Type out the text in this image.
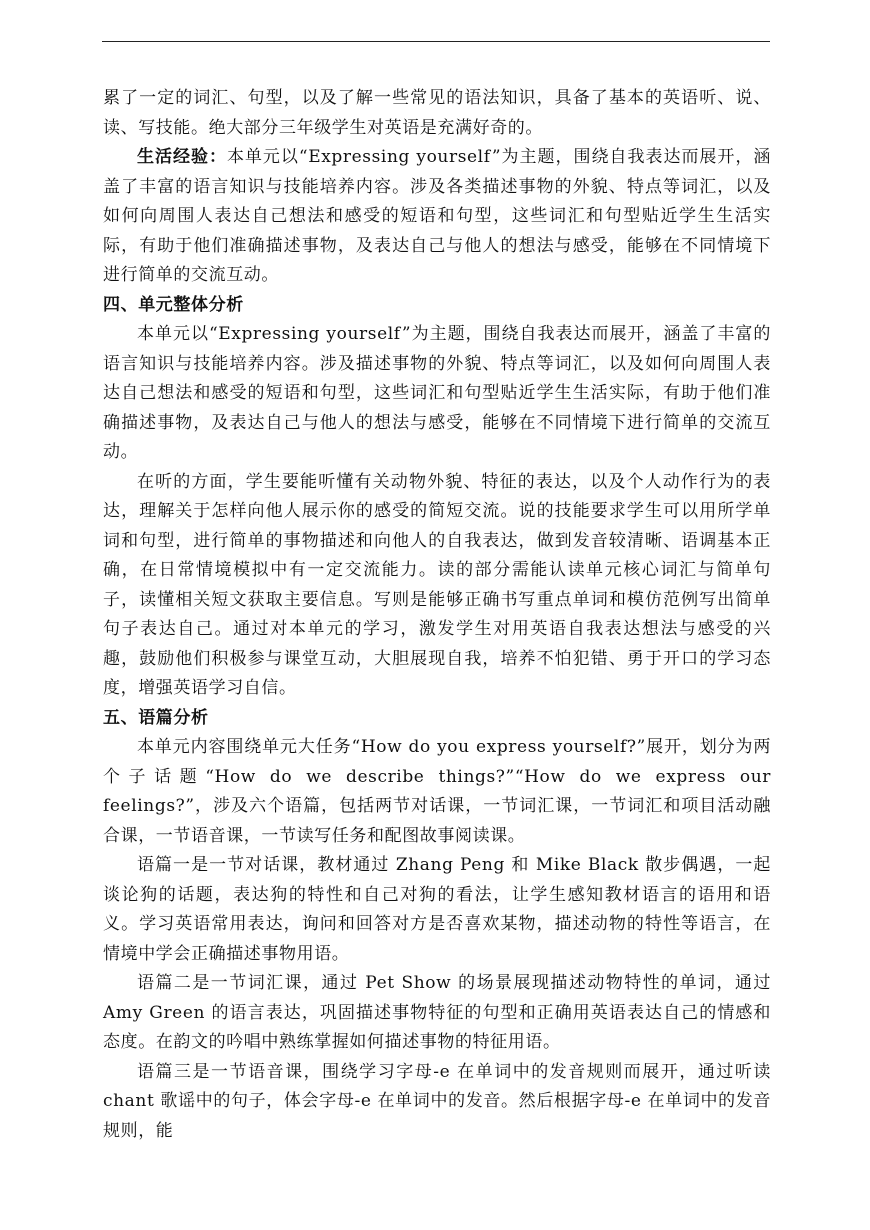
累了一定的词汇、句型，以及了解一些常见的语法知识，具备了基本的英语听、说、读、写技能。绝大部分三年级学生对英语是充满好奇的。

生活经验：本单元以“Expressing yourself”为主题，围绕自我表达而展开，涵盖了丰富的语言知识与技能培养内容。涉及各类描述事物的外貌、特点等词汇，以及如何向周围人表达自己想法和感受的短语和句型，这些词汇和句型贴近学生生活实际，有助于他们准确描述事物，及表达自己与他人的想法与感受，能够在不同情境下进行简单的交流互动。

四、单元整体分析

本单元以“Expressing yourself”为主题，围绕自我表达而展开，涵盖了丰富的语言知识与技能培养内容。涉及描述事物的外貌、特点等词汇，以及如何向周围人表达自己想法和感受的短语和句型，这些词汇和句型贴近学生生活实际，有助于他们准确描述事物，及表达自己与他人的想法与感受，能够在不同情境下进行简单的交流互动。

在听的方面，学生要能听懂有关动物外貌、特征的表达，以及个人动作行为的表达，理解关于怎样向他人展示你的感受的简短交流。说的技能要求学生可以用所学单词和句型，进行简单的事物描述和向他人的自我表达，做到发音较清晰、语调基本正确，在日常情境模拟中有一定交流能力。读的部分需能认读单元核心词汇与简单句子，读懂相关短文获取主要信息。写则是能够正确书写重点单词和模仿范例写出简单句子表达自己。通过对本单元的学习，激发学生对用英语自我表达想法与感受的兴趣，鼓励他们积极参与课堂互动，大胆展现自我，培养不怕犯错、勇于开口的学习态度，增强英语学习自信。

五、语篇分析

本单元内容围绕单元大任务“How do you express yourself?”展开，划分为两个子话题“How do we describe things?”“How do we express our feelings?”，涉及六个语篇，包括两节对话课，一节词汇课，一节词汇和项目活动融合课，一节语音课，一节读写任务和配图故事阅读课。

语篇一是一节对话课，教材通过 Zhang Peng 和 Mike Black 散步偶遇，一起谈论狗的话题，表达狗的特性和自己对狗的看法，让学生感知教材语言的语用和语义。学习英语常用表达，询问和回答对方是否喜欢某物，描述动物的特性等语言，在情境中学会正确描述事物用语。

语篇二是一节词汇课，通过 Pet Show 的场景展现描述动物特性的单词，通过 Amy Green 的语言表达，巩固描述事物特征的句型和正确用英语表达自己的情感和态度。在韵文的吟唱中熟练掌握如何描述事物的特征用语。

语篇三是一节语音课，围绕学习字母-e 在单词中的发音规则而展开，通过听读 chant 歌谣中的句子，体会字母-e 在单词中的发音。然后根据字母-e 在单词中的发音规则，能
